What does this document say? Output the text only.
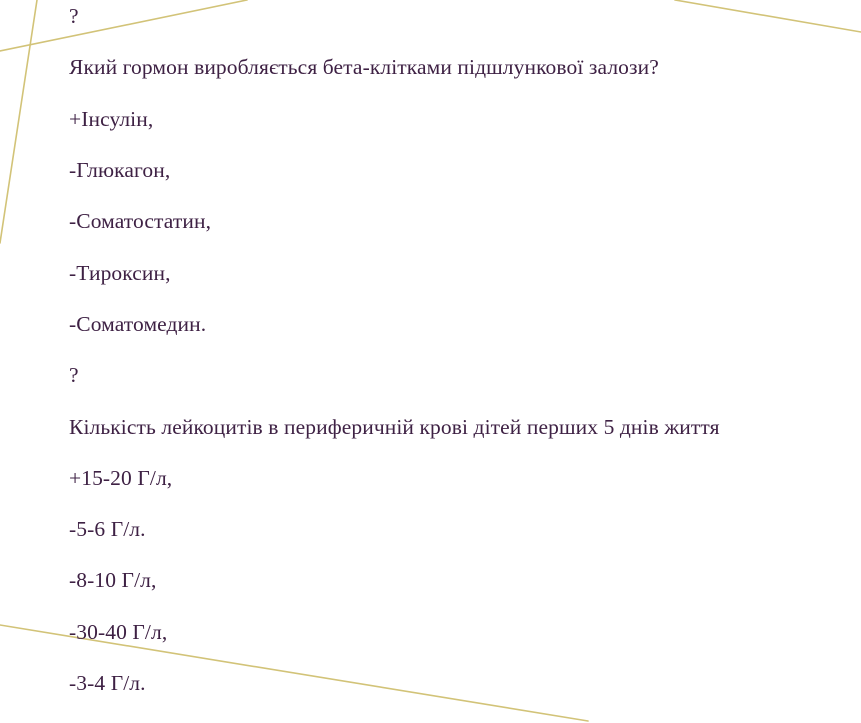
?
Який гормон виробляється бета-клітками підшлункової залози?
+Інсулін,
-Глюкагон,
-Соматостатин,
-Тироксин,
-Соматомедин.
?
Кількість лейкоцитів в периферичній крові дітей перших 5 днів життя
+15-20 Г/л,
-5-6 Г/л.
-8-10 Г/л,
-30-40 Г/л,
-3-4 Г/л.
